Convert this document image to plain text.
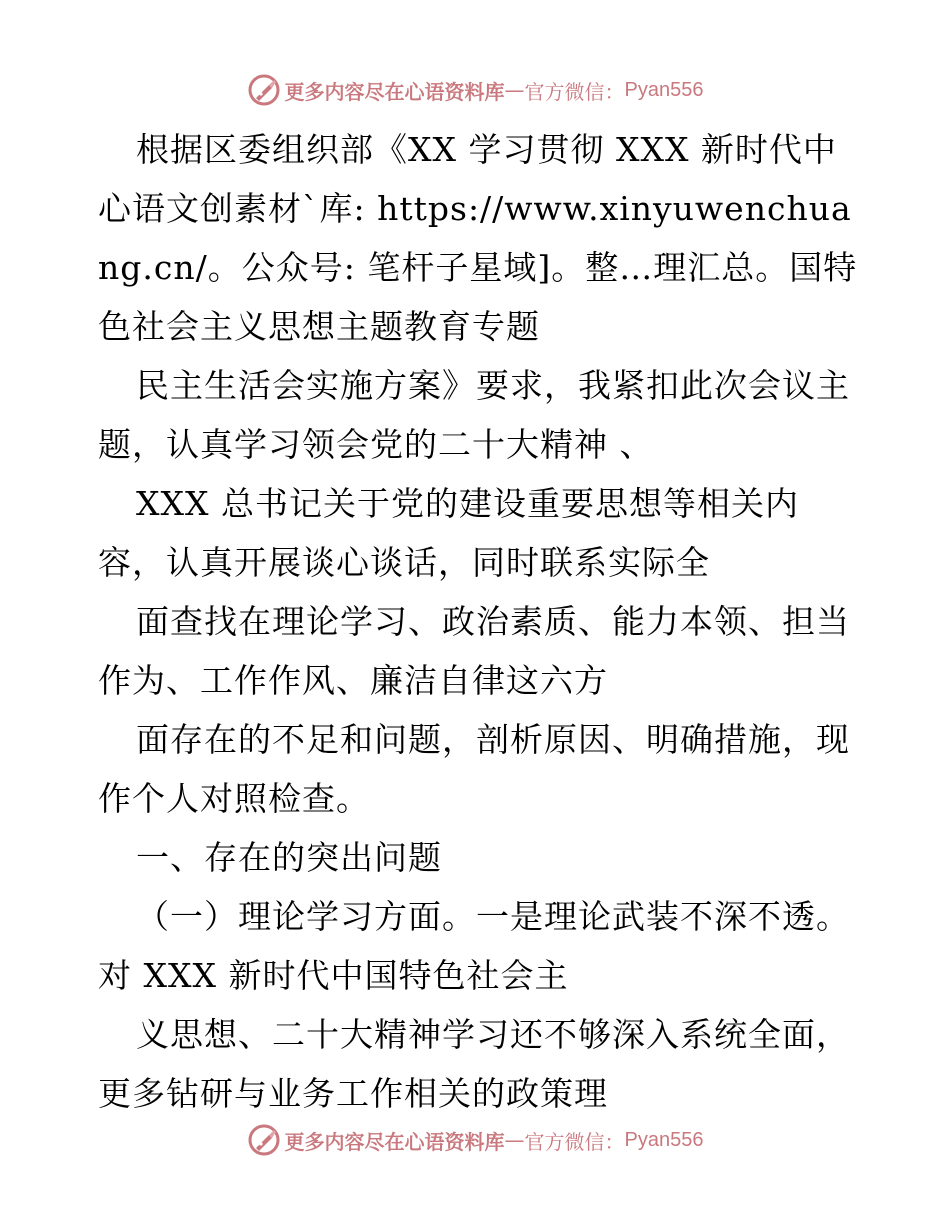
更多内容尽在心语资料库 — 官方微信： Pyan556

根据区委组织部《XX 学习贯彻 XXX 新时代中心语文创素材`库: https://www.xinyuwenchuang.cn/。公众号: 笔杆子星域]。整…理汇总。国特色社会主义思想主题教育专题

民主生活会实施方案》要求，我紧扣此次会议主题，认真学习领会党的二十大精神 、

XXX 总书记关于党的建设重要思想等相关内容，认真开展谈心谈话，同时联系实际全

面查找在理论学习、政治素质、能力本领、担当作为、工作作风、廉洁自律这六方

面存在的不足和问题，剖析原因、明确措施，现作个人对照检查。

一、存在的突出问题

（一）理论学习方面。一是理论武装不深不透。对 XXX 新时代中国特色社会主

义思想、二十大精神学习还不够深入系统全面，更多钻研与业务工作相关的政策理

更多内容尽在心语资料库 — 官方微信： Pyan556
